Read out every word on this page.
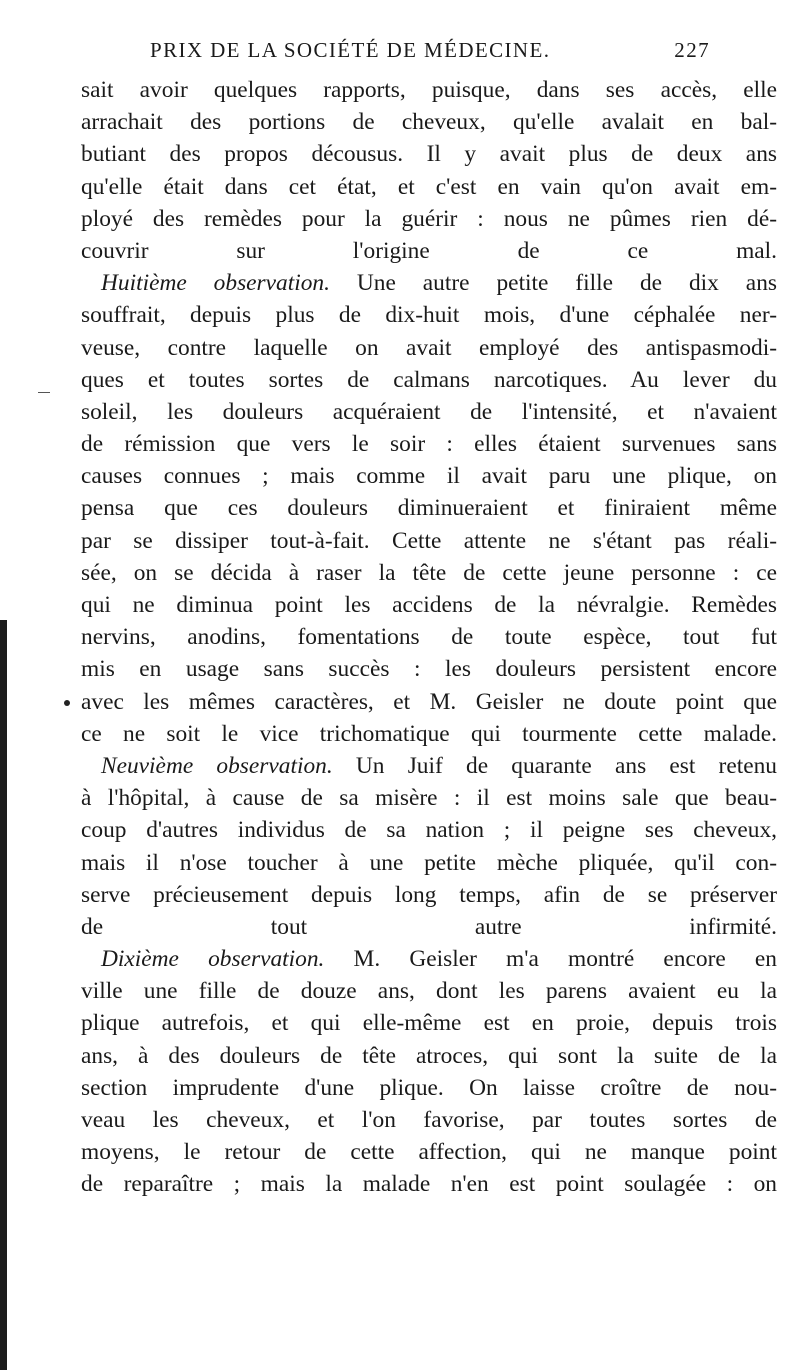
PRIX DE LA SOCIÉTÉ DE MÉDECINE.	227
sait avoir quelques rapports, puisque, dans ses accès, elle
arrachait des portions de cheveux, qu'elle avalait en bal-
butiant des propos décousus. Il y avait plus de deux ans
qu'elle était dans cet état, et c'est en vain qu'on avait em-
ployé des remèdes pour la guérir : nous ne pûmes rien dé-
couvrir sur l'origine de ce mal.
Huitième observation. Une autre petite fille de dix ans
souffrait, depuis plus de dix-huit mois, d'une céphalée ner-
veuse, contre laquelle on avait employé des antispasmodi-
ques et toutes sortes de calmans narcotiques. Au lever du
soleil, les douleurs acquéraient de l'intensité, et n'avaient
de rémission que vers le soir : elles étaient survenues sans
causes connues ; mais comme il avait paru une plique, on
pensa que ces douleurs diminueraient et finiraient même
par se dissiper tout-à-fait. Cette attente ne s'étant pas réali-
sée, on se décida à raser la tête de cette jeune personne : ce
qui ne diminua point les accidens de la névralgie. Remèdes
nervins, anodins, fomentations de toute espèce, tout fut
mis en usage sans succès : les douleurs persistent encore
avec les mêmes caractères, et M. Geisler ne doute point que
ce ne soit le vice trichomatique qui tourmente cette malade.
Neuvième observation. Un Juif de quarante ans est retenu
à l'hôpital, à cause de sa misère : il est moins sale que beau-
coup d'autres individus de sa nation ; il peigne ses cheveux,
mais il n'ose toucher à une petite mèche pliquée, qu'il con-
serve précieusement depuis long temps, afin de se préserver
de tout autre infirmité.
Dixième observation. M. Geisler m'a montré encore en
ville une fille de douze ans, dont les parens avaient eu la
plique autrefois, et qui elle-même est en proie, depuis trois
ans, à des douleurs de tête atroces, qui sont la suite de la
section imprudente d'une plique. On laisse croître de nou-
veau les cheveux, et l'on favorise, par toutes sortes de
moyens, le retour de cette affection, qui ne manque point
de reparaître ; mais la malade n'en est point soulagée : on
